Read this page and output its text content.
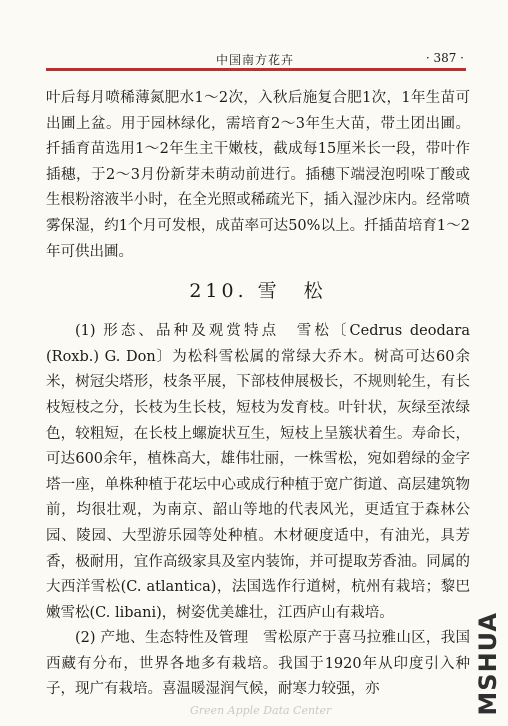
中国南方花卉	· 387 ·

叶后每月喷稀薄氮肥水1～2次，入秋后施复合肥1次，1年生苗可出圃上盆。用于园林绿化，需培育2～3年生大苗，带土团出圃。扦插育苗选用1～2年生主干嫩枝，截成每15厘米长一段，带叶作插穗，于2～3月份新芽未萌动前进行。插穗下端浸泡吲哚丁酸或生根粉溶液半小时，在全光照或稀疏光下，插入湿沙床内。经常喷雾保湿，约1个月可发根，成苗率可达50%以上。扦插苗培育1～2年可供出圃。

210. 雪　松

(1) 形态、品种及观赏特点　雪松〔Cedrus deodara (Roxb.) G. Don〕为松科雪松属的常绿大乔木。树高可达60余米，树冠尖塔形，枝条平展，下部枝伸展极长，不规则轮生，有长枝短枝之分，长枝为生长枝，短枝为发育枝。叶针状，灰绿至浓绿色，较粗短，在长枝上螺旋状互生，短枝上呈簇状着生。寿命长，可达600余年，植株高大，雄伟壮丽，一株雪松，宛如碧绿的金字塔一座，单株种植于花坛中心或成行种植于宽广街道、高层建筑物前，均很壮观，为南京、韶山等地的代表风光，更适宜于森林公园、陵园、大型游乐园等处种植。木材硬度适中，有油光，具芳香，极耐用，宜作高级家具及室内装饰，并可提取芳香油。同属的大西洋雪松(C. atlantica)，法国选作行道树，杭州有栽培；黎巴嫩雪松(C. libani)，树姿优美雄壮，江西庐山有栽培。

(2) 产地、生态特性及管理　雪松原产于喜马拉雅山区，我国西藏有分布，世界各地多有栽培。我国于1920年从印度引入种子，现广有栽培。喜温暖湿润气候，耐寒力较强，亦	MSHUA
Green Apple Data Center
